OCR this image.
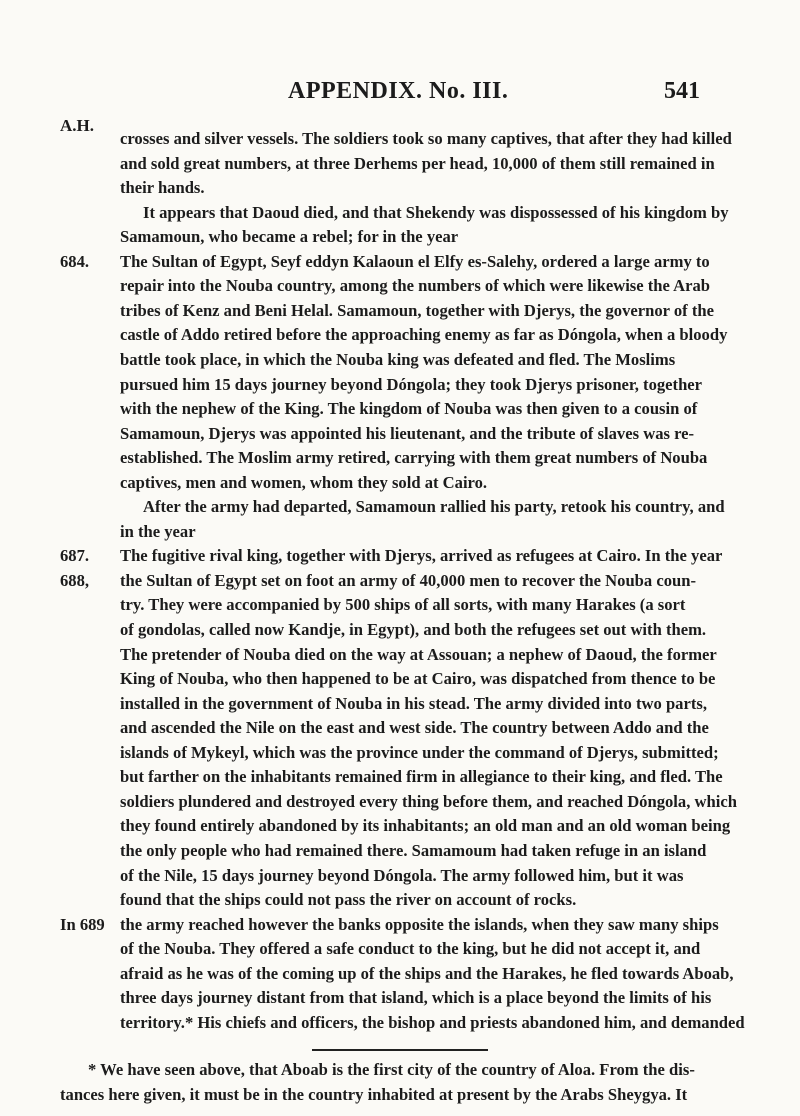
APPENDIX. No. III.	541
A.H.
crosses and silver vessels. The soldiers took so many captives, that after they had killed
and sold great numbers, at three Derhems per head, 10,000 of them still remained in
their hands.
It appears that Daoud died, and that Shekendy was dispossessed of his kingdom by
Samamoun, who became a rebel; for in the year
684. The Sultan of Egypt, Seyf eddyn Kalaoun el Elfy es-Salehy, ordered a large army to
repair into the Nouba country, among the numbers of which were likewise the Arab
tribes of Kenz and Beni Helal. Samamoun, together with Djerys, the governor of the
castle of Addo retired before the approaching enemy as far as Dóngola, when a bloody
battle took place, in which the Nouba king was defeated and fled. The Moslims
pursued him 15 days journey beyond Dóngola; they took Djerys prisoner, together
with the nephew of the King. The kingdom of Nouba was then given to a cousin of
Samamoun, Djerys was appointed his lieutenant, and the tribute of slaves was re-
established. The Moslim army retired, carrying with them great numbers of Nouba
captives, men and women, whom they sold at Cairo.
After the army had departed, Samamoun rallied his party, retook his country, and
in the year
687. The fugitive rival king, together with Djerys, arrived as refugees at Cairo. In the year
688, the Sultan of Egypt set on foot an army of 40,000 men to recover the Nouba coun-
try. They were accompanied by 500 ships of all sorts, with many Harakes (a sort
of gondolas, called now Kandje, in Egypt), and both the refugees set out with them.
The pretender of Nouba died on the way at Assouan; a nephew of Daoud, the former
King of Nouba, who then happened to be at Cairo, was dispatched from thence to be
installed in the government of Nouba in his stead. The army divided into two parts,
and ascended the Nile on the east and west side. The country between Addo and the
islands of Mykeyl, which was the province under the command of Djerys, submitted;
but farther on the inhabitants remained firm in allegiance to their king, and fled. The
soldiers plundered and destroyed every thing before them, and reached Dóngola, which
they found entirely abandoned by its inhabitants; an old man and an old woman being
the only people who had remained there. Samamoum had taken refuge in an island
of the Nile, 15 days journey beyond Dóngola. The army followed him, but it was
found that the ships could not pass the river on account of rocks.
In 689 the army reached however the banks opposite the islands, when they saw many ships
of the Nouba. They offered a safe conduct to the king, but he did not accept it, and
afraid as he was of the coming up of the ships and the Harakes, he fled towards Aboab,
three days journey distant from that island, which is a place beyond the limits of his
territory.* His chiefs and officers, the bishop and priests abandoned him, and demanded
* We have seen above, that Aboab is the first city of the country of Aloa. From the dis-
tances here given, it must be in the country inhabited at present by the Arabs Sheygya. It
